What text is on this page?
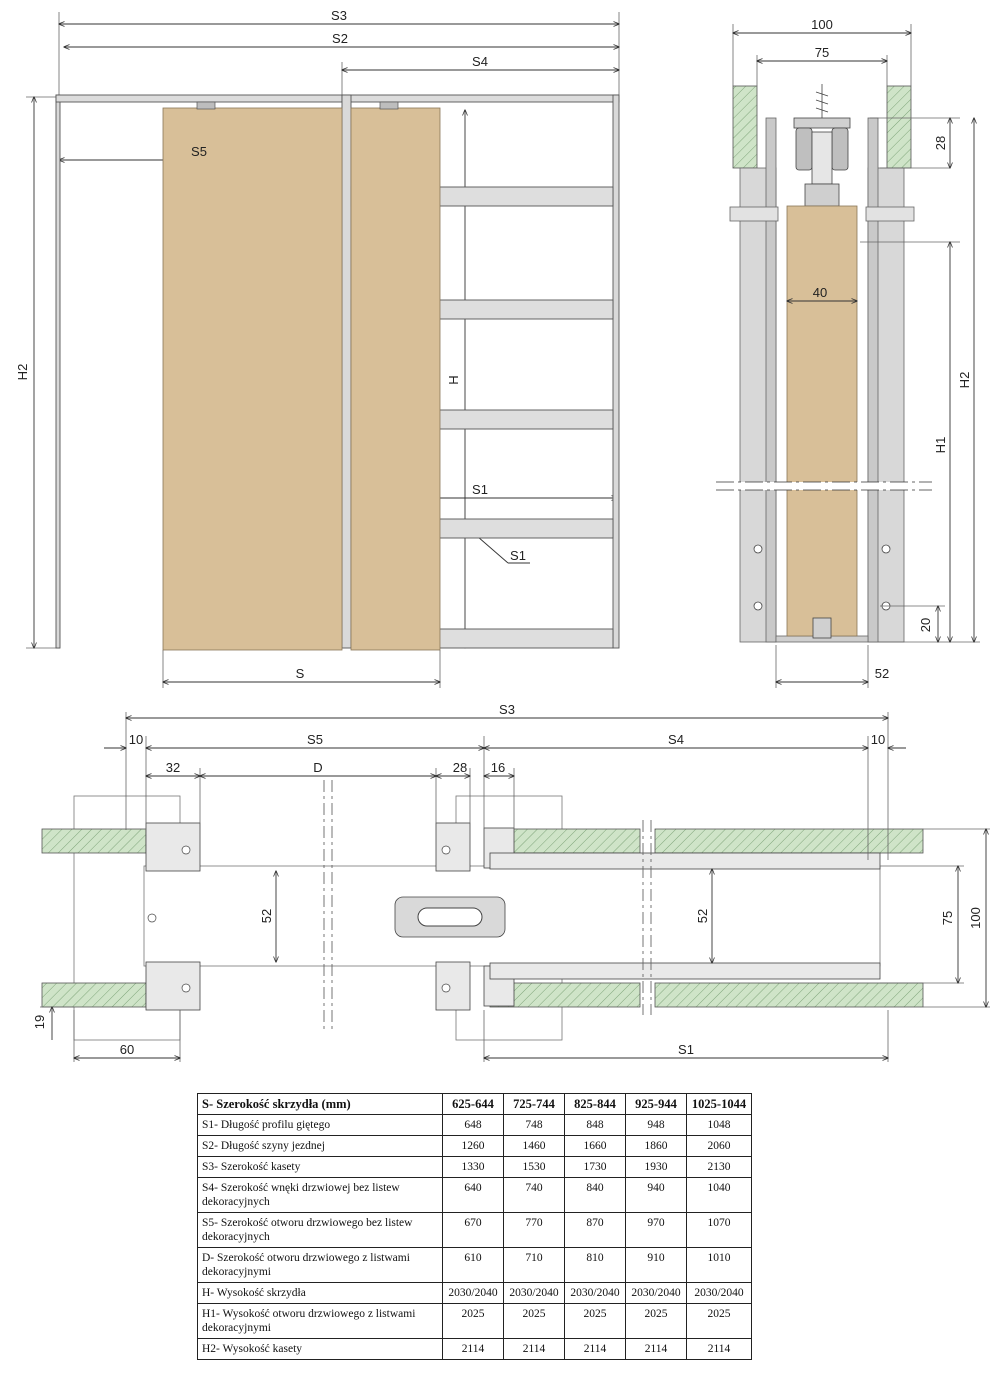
S3
S2
S4
S5
H2	H
S1
S1
S
100
75
28
40
H2
H1
20
52
S3
10	S5	S4	10
32	D	28 16
52	52	75 100
19
60	S1
S- Szerokość skrzydła (mm)	625-644	725-744	825-844	925-944	1025-1044
S1- Długość profilu giętego	648	748	848	948	1048
S2- Długość szyny jezdnej	1260	1460	1660	1860	2060
S3- Szerokość kasety	1330	1530	1730	1930	2130
S4- Szerokość wnęki drzwiowej bez listew dekoracyjnych	640	740	840	940	1040
S5- Szerokość otworu drzwiowego bez listew dekoracyjnych	670	770	870	970	1070
D- Szerokość otworu drzwiowego z listwami dekoracyjnymi	610	710	810	910	1010
H- Wysokość skrzydła	2030/2040	2030/2040	2030/2040	2030/2040	2030/2040
H1- Wysokość otworu drzwiowego z listwami dekoracyjnymi	2025	2025	2025	2025	2025
H2- Wysokość kasety	2114	2114	2114	2114	2114
